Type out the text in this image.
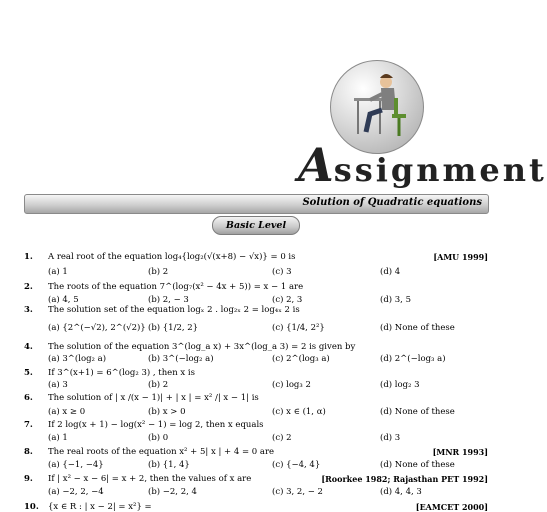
Assignment
Solution of Quadratic equations
Basic Level
1. A real root of the equation log₄{log₂(√(x+8) − √x)} = 0 is	[AMU 1999]
(a) 1	(b) 2	(c) 3	(d) 4
2. The roots of the equation 7^(log₇(x² − 4x + 5)) = x − 1 are
(a) 4, 5	(b) 2, − 3	(c) 2, 3	(d) 3, 5
3. The solution set of the equation logₓ 2 . log₂ₓ 2 = log₄ₓ 2 is
(a) {2^(−√2), 2^(√2)} (b) {1/2, 2}	(c) {1/4, 2²}	(d) None of these
4. The solution of the equation 3^(log_a x) + 3x^(log_a 3) = 2 is given by
(a) 3^(log₂ a)	(b) 3^(−log₂ a)	(c) 2^(log₃ a)	(d) 2^(−log₃ a)
5. If 3^(x+1) = 6^(log₂ 3) , then x is
(a) 3	(b) 2	(c) log₃ 2	(d) log₂ 3
6. The solution of | x /(x − 1)| + | x | = x² /| x − 1| is
(a) x ≥ 0	(b) x > 0	(c) x ∈ (1, α)	(d) None of these
7. If 2 log(x + 1) − log(x² − 1) = log 2, then x equals
(a) 1	(b) 0	(c) 2	(d) 3
8. The real roots of the equation x² + 5| x | + 4 = 0 are	[MNR 1993]
(a) {−1, −4}	(b) {1, 4}	(c) {−4, 4}	(d) None of these
9. If | x² − x − 6| = x + 2, then the values of x are	[Roorkee 1982; Rajasthan PET 1992]
(a) −2, 2, −4	(b) −2, 2, 4	(c) 3, 2, − 2	(d) 4, 4, 3
10. {x ∈ R : | x − 2| = x²} =	[EAMCET 2000]
